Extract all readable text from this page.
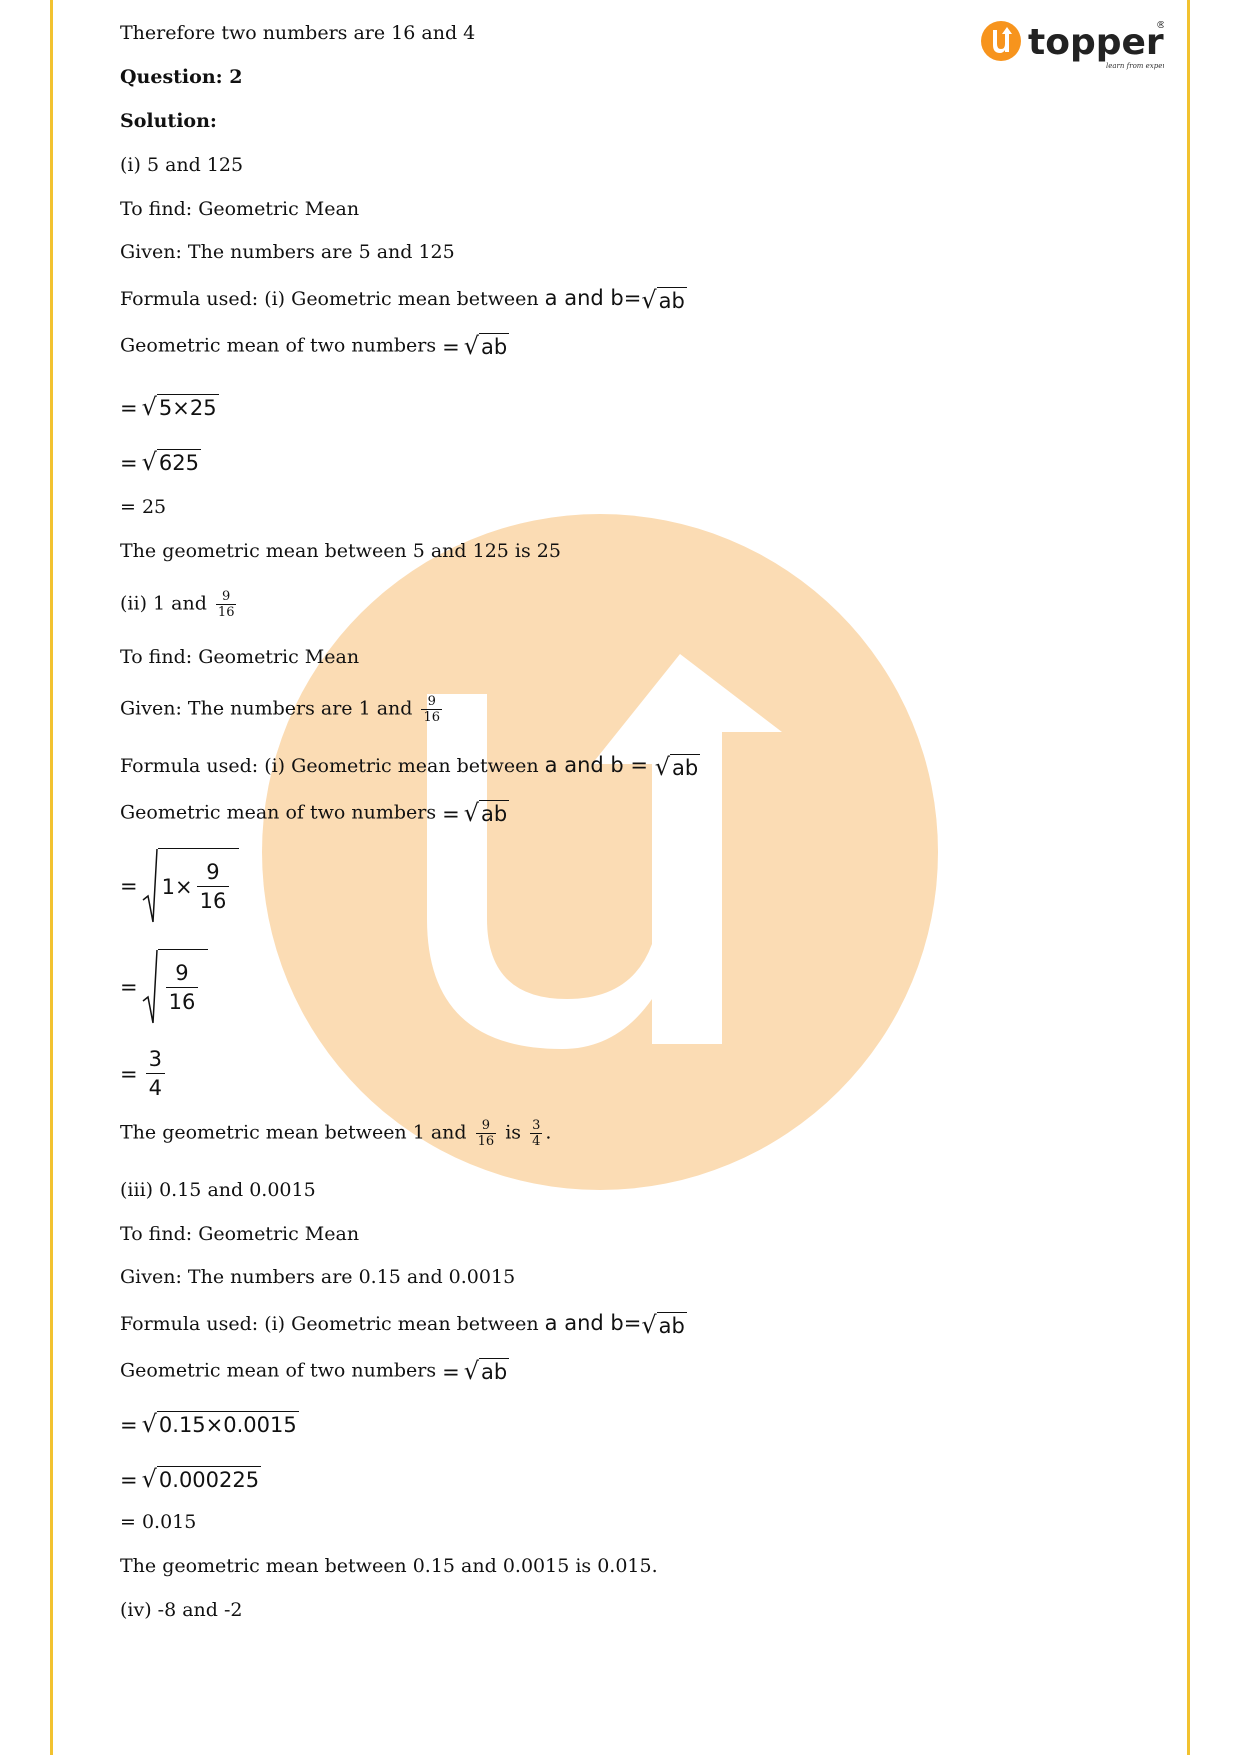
topper
®
learn from expe
Therefore two numbers are 16 and 4
Question: 2
Solution:
(i) 5 and 125
To find: Geometric Mean
Given: The numbers are 5 and 125
Formula used: (i) Geometric mean between a and b= √ ab
Geometric mean of two numbers = √ ab
= √ 5×25
= √ 625
= 25
The geometric mean between 5 and 125 is 25
(ii) 1 and $\frac{9}{16}$
To find: Geometric Mean
Given: The numbers are 1 and $\frac{9}{16}$
Formula used: (i) Geometric mean between a and b = √ ab
Geometric mean of two numbers = √ ab
= $1\times \frac{9}{16}$
=
9
16
= $\frac{3}{4}$
The geometric mean between 1 and $\frac{9}{16}$ is $\frac{3}{4}$ .
(iii) 0.15 and 0.0015
To find: Geometric Mean
Given: The numbers are 0.15 and 0.0015
Formula used: (i) Geometric mean between a and b= √ ab
Geometric mean of two numbers = √ ab
= √ 0.15×0.0015
= √ 0.000225
= 0.015
The geometric mean between 0.15 and 0.0015 is 0.015.
(iv) -8 and -2
